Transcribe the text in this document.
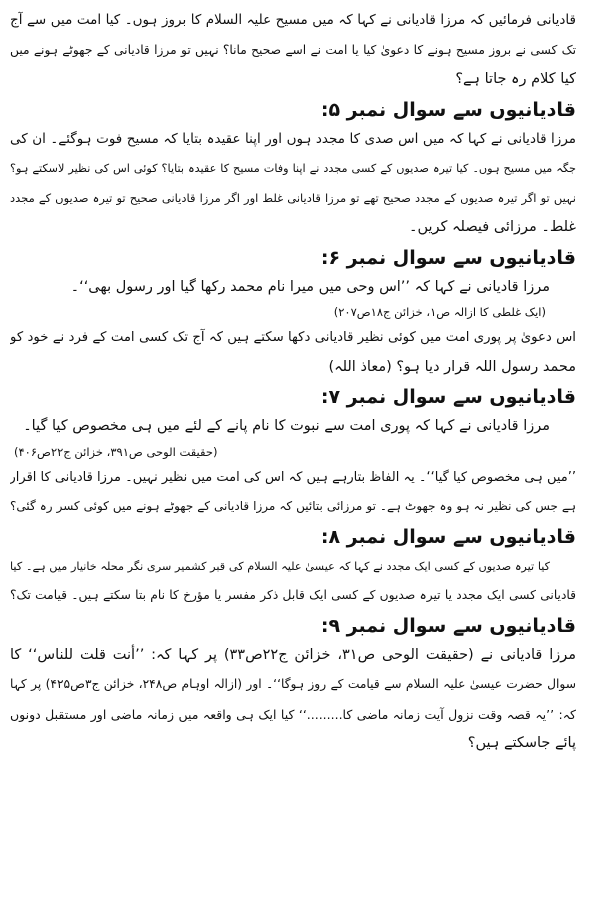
قادیانی فرمائیں کہ مرزا قادیانی نے کہا کہ میں مسیح علیہ السلام کا بروز ہوں۔ کیا امت میں سے آج
تک کسی نے بروز مسیح ہونے کا دعویٰ کیا یا امت نے اسے صحیح مانا؟ نہیں تو مرزا قادیانی کے جھوٹے ہونے میں
کیا کلام رہ جاتا ہے؟
قادیانیوں سے سوال نمبر ۵:
مرزا قادیانی نے کہا کہ میں اس صدی کا مجدد ہوں اور اپنا عقیدہ بتایا کہ مسیح فوت ہوگئے۔ ان کی
جگہ میں مسیح ہوں۔ کیا تیرہ صدیوں کے کسی مجدد نے اپنا وفات مسیح کا عقیدہ بتایا؟ کوئی اس کی نظیر لاسکتے ہو؟
نہیں تو اگر تیرہ صدیوں کے مجدد صحیح تھے تو مرزا قادیانی غلط اور اگر مرزا قادیانی صحیح تو تیرہ صدیوں کے مجدد
غلط۔ مرزائی فیصلہ کریں۔
قادیانیوں سے سوال نمبر ۶:
مرزا قادیانی نے کہا کہ ’’اس وحی میں میرا نام محمد رکھا گیا اور رسول بھی‘‘۔
(ایک غلطی کا ازالہ ص۱، خزائن ج۱۸ص۲۰۷)
اس دعویٰ پر پوری امت میں کوئی نظیر قادیانی دکھا سکتے ہیں کہ آج تک کسی امت کے فرد نے خود کو
محمد رسول اللہ قرار دیا ہو؟ (معاذ اللہ)
قادیانیوں سے سوال نمبر ۷:
مرزا قادیانی نے کہا کہ پوری امت سے نبوت کا نام پانے کے لئے میں ہی مخصوص کیا گیا۔
(حقیقت الوحی ص۳۹۱، خزائن ج۲۲ص۴۰۶)
’’میں ہی مخصوص کیا گیا‘‘۔ یہ الفاظ بتارہے ہیں کہ اس کی امت میں نظیر نہیں۔ مرزا قادیانی کا اقرار
ہے جس کی نظیر نہ ہو وہ جھوٹ ہے۔ تو مرزائی بتائیں کہ مرزا قادیانی کے جھوٹے ہونے میں کوئی کسر رہ گئی؟
قادیانیوں سے سوال نمبر ۸:
کیا تیرہ صدیوں کے کسی ایک مجدد نے کہا کہ عیسیٰ علیہ السلام کی قبر کشمیر سری نگر محلہ خانیار میں ہے۔ کیا
قادیانی کسی ایک مجدد یا تیرہ صدیوں کے کسی ایک قابل ذکر مفسر یا مؤرخ کا نام بتا سکتے ہیں۔ قیامت تک؟
قادیانیوں سے سوال نمبر ۹:
مرزا قادیانی نے (حقیقت الوحی ص۳۱، خزائن ج۲۲ص۳۳) پر کہا کہ: ’’أنت قلت للناس‘‘ کا
سوال حضرت عیسیٰ علیہ السلام سے قیامت کے روز ہوگا‘‘۔ اور (ازالہ اوہام ص۲۴۸، خزائن ج۳ص۴۲۵) پر کہا
کہ: ’’یہ قصہ وقت نزول آیت زمانہ ماضی کا.........‘‘ کیا ایک ہی واقعہ میں زمانہ ماضی اور مستقبل دونوں
پائے جاسکتے ہیں؟
